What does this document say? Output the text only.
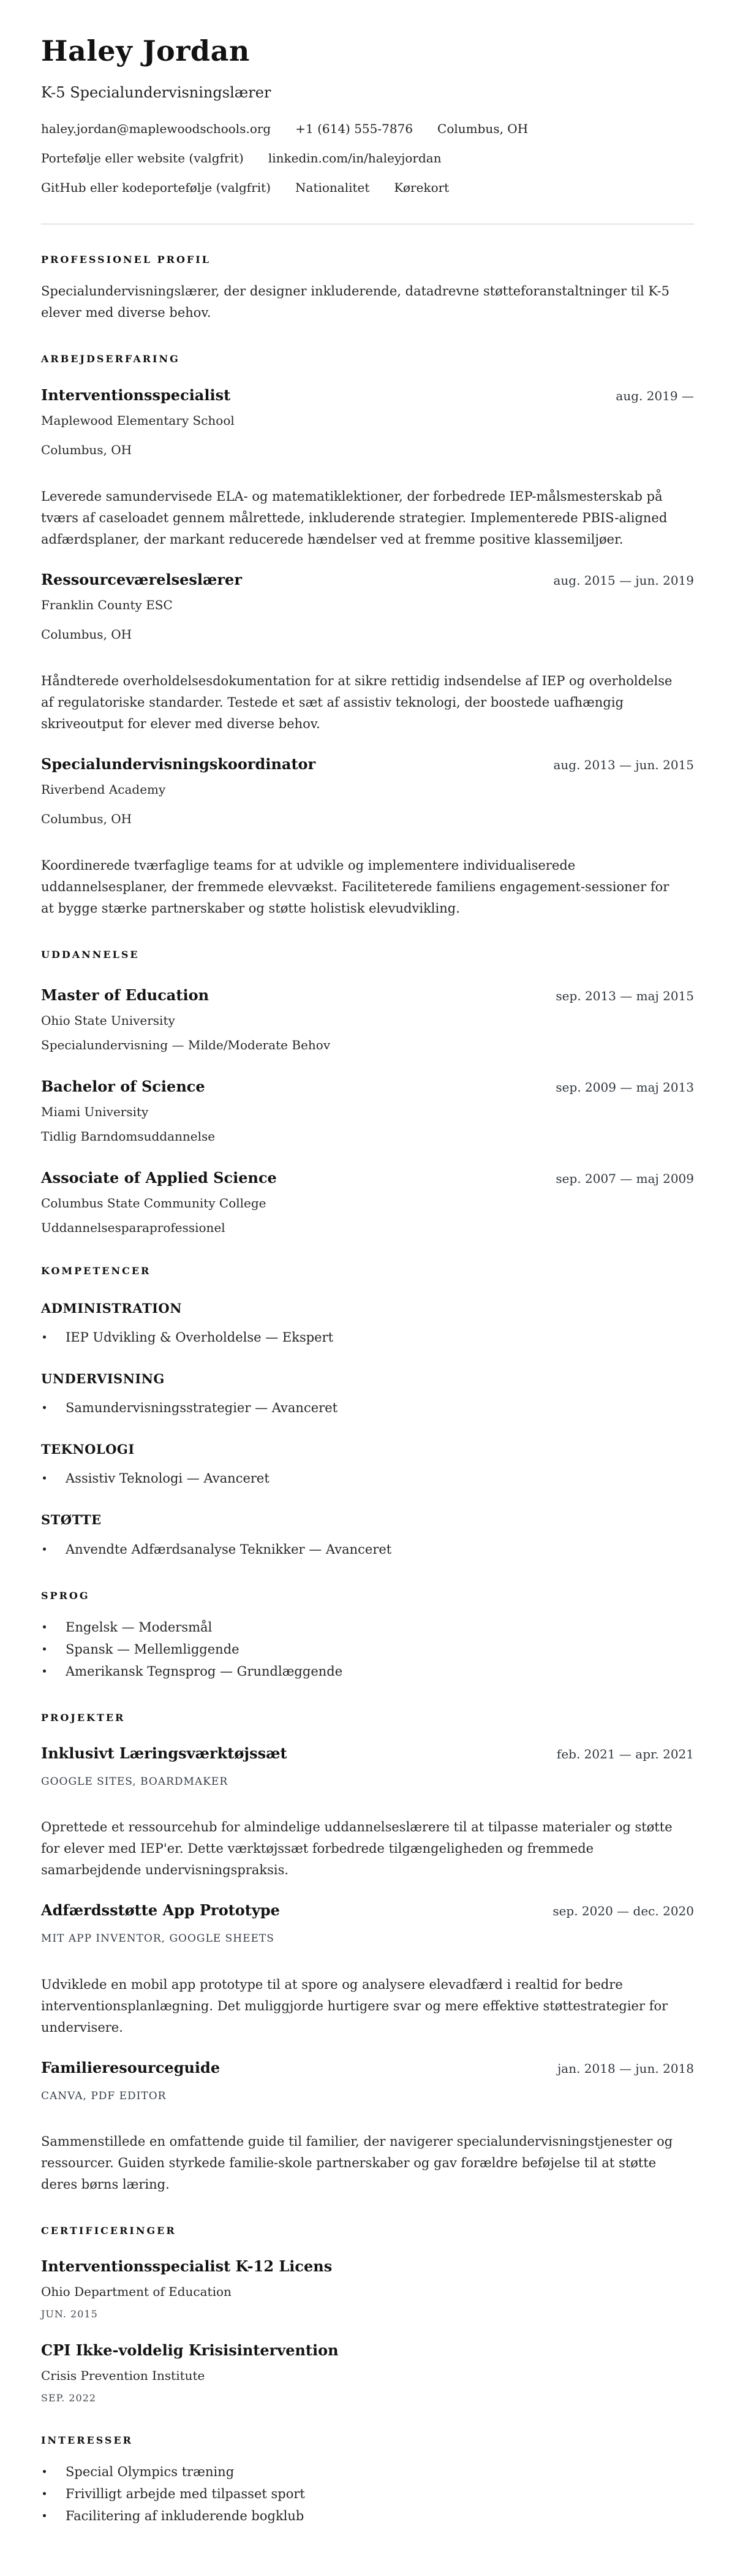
Haley Jordan
K-5 Specialundervisningslærer
haley.jordan@maplewoodschools.org +1 (614) 555-7876 Columbus, OH
Portefølje eller website (valgfrit) linkedin.com/in/haleyjordan
GitHub eller kodeportefølje (valgfrit) Nationalitet Kørekort
PROFESSIONEL PROFIL

Specialundervisningslærer, der designer inkluderende, datadrevne støtteforanstaltninger til K-5 elever med diverse behov.

ARBEJDSERFARING
Interventionsspecialist	aug. 2019 —
Maplewood Elementary School
Columbus, OH

Leverede samundervisede ELA- og matematiklektioner, der forbedrede IEP-målsmesterskab på tværs af caseloadet gennem målrettede, inkluderende strategier. Implementerede PBIS-aligned adfærdsplaner, der markant reducerede hændelser ved at fremme positive klassemiljøer.

Ressourceværelseslærer	aug. 2015 — jun. 2019
Franklin County ESC
Columbus, OH

Håndterede overholdelsesdokumentation for at sikre rettidig indsendelse af IEP og overholdelse af regulatoriske standarder. Testede et sæt af assistiv teknologi, der boostede uafhængig skriveoutput for elever med diverse behov.

Specialundervisningskoordinator	aug. 2013 — jun. 2015
Riverbend Academy
Columbus, OH

Koordinerede tværfaglige teams for at udvikle og implementere individualiserede uddannelsesplaner, der fremmede elevvækst. Faciliteterede familiens engagement-sessioner for at bygge stærke partnerskaber og støtte holistisk elevudvikling.

UDDANNELSE
Master of Education	sep. 2013 — maj 2015
Ohio State University
Specialundervisning — Milde/Moderate Behov
Bachelor of Science	sep. 2009 — maj 2013
Miami University
Tidlig Barndomsuddannelse
Associate of Applied Science	sep. 2007 — maj 2009
Columbus State Community College
Uddannelsesparaprofessionel
KOMPETENCER
ADMINISTRATION
IEP Udvikling & Overholdelse — Ekspert
UNDERVISNING
Samundervisningsstrategier — Avanceret
TEKNOLOGI
Assistiv Teknologi — Avanceret
STØTTE
Anvendte Adfærdsanalyse Teknikker — Avanceret
SPROG
Engelsk — Modersmål
Spansk — Mellemliggende
Amerikansk Tegnsprog — Grundlæggende
PROJEKTER
Inklusivt Læringsværktøjssæt	feb. 2021 — apr. 2021
GOOGLE SITES, BOARDMAKER

Oprettede et ressourcehub for almindelige uddannelseslærere til at tilpasse materialer og støtte for elever med IEP'er. Dette værktøjssæt forbedrede tilgængeligheden og fremmede samarbejdende undervisningspraksis.

Adfærdsstøtte App Prototype	sep. 2020 — dec. 2020
MIT APP INVENTOR, GOOGLE SHEETS

Udviklede en mobil app prototype til at spore og analysere elevadfærd i realtid for bedre interventionsplanlægning. Det muliggjorde hurtigere svar og mere effektive støttestrategier for undervisere.

Familieresourceguide	jan. 2018 — jun. 2018
CANVA, PDF EDITOR

Sammenstillede en omfattende guide til familier, der navigerer specialundervisningstjenester og ressourcer. Guiden styrkede familie-skole partnerskaber og gav forældre beføjelse til at støtte deres børns læring.

CERTIFICERINGER
Interventionsspecialist K-12 Licens
Ohio Department of Education
JUN. 2015
CPI Ikke-voldelig Krisisintervention
Crisis Prevention Institute
SEP. 2022
INTERESSER
Special Olympics træning
Frivilligt arbejde med tilpasset sport
Facilitering af inkluderende bogklub
